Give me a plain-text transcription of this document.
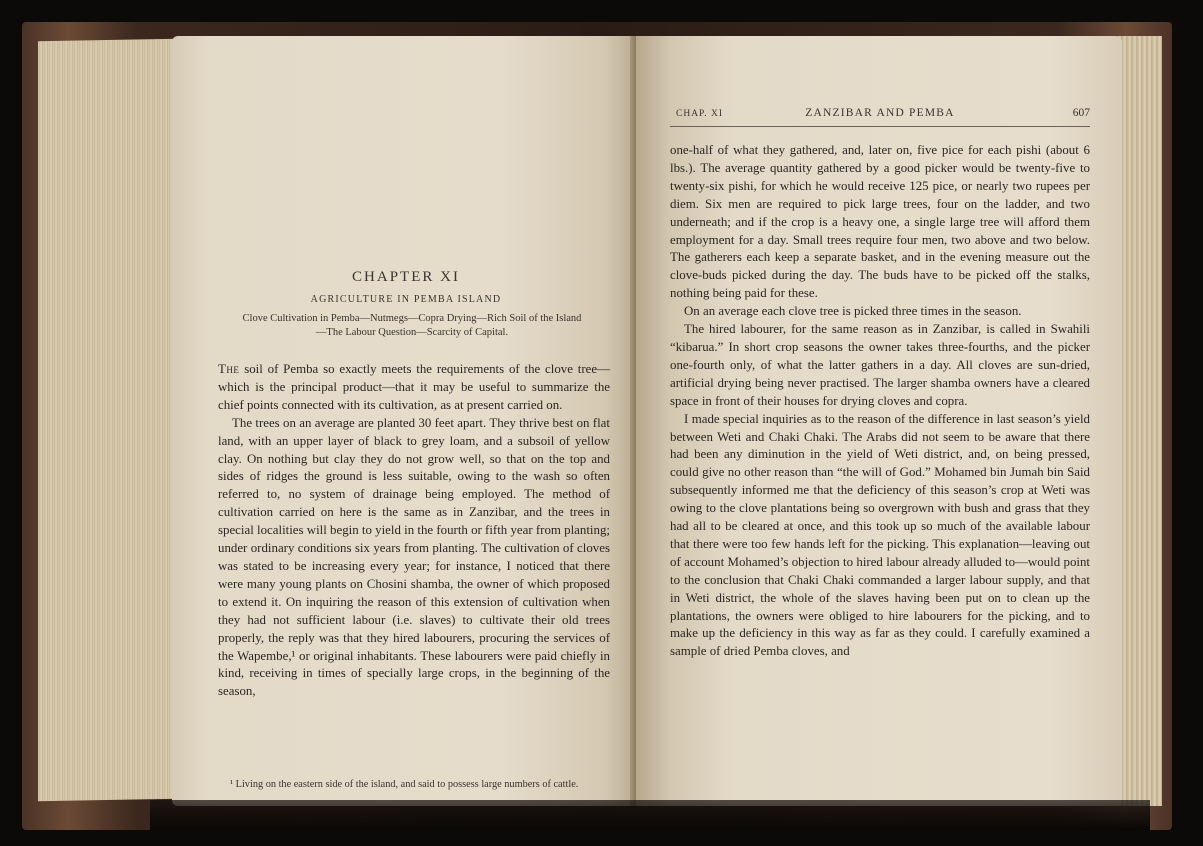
CHAPTER XI
AGRICULTURE IN PEMBA ISLAND
Clove Cultivation in Pemba—Nutmegs—Copra Drying—Rich Soil of the Island—The Labour Question—Scarcity of Capital.

The soil of Pemba so exactly meets the requirements of the clove tree—which is the principal product—that it may be useful to summarize the chief points connected with its cultivation, as at present carried on.

The trees on an average are planted 30 feet apart. They thrive best on flat land, with an upper layer of black to grey loam, and a subsoil of yellow clay. On nothing but clay they do not grow well, so that on the top and sides of ridges the ground is less suitable, owing to the wash so often referred to, no system of drainage being employed. The method of cultivation carried on here is the same as in Zanzibar, and the trees in special localities will begin to yield in the fourth or fifth year from planting; under ordinary conditions six years from planting. The cultivation of cloves was stated to be increasing every year; for instance, I noticed that there were many young plants on Chosini shamba, the owner of which proposed to extend it. On inquiring the reason of this extension of cultivation when they had not sufficient labour (i.e. slaves) to cultivate their old trees properly, the reply was that they hired labourers, procuring the services of the Wapembe,¹ or original inhabitants. These labourers were paid chiefly in kind, receiving in times of specially large crops, in the beginning of the season,

¹ Living on the eastern side of the island, and said to possess large numbers of cattle.
CHAP. XI	ZANZIBAR AND PEMBA	607

one-half of what they gathered, and, later on, five pice for each pishi (about 6 lbs.). The average quantity gathered by a good picker would be twenty-five to twenty-six pishi, for which he would receive 125 pice, or nearly two rupees per diem. Six men are required to pick large trees, four on the ladder, and two underneath; and if the crop is a heavy one, a single large tree will afford them employment for a day. Small trees require four men, two above and two below. The gatherers each keep a separate basket, and in the evening measure out the clove-buds picked during the day. The buds have to be picked off the stalks, nothing being paid for these.

On an average each clove tree is picked three times in the season.

The hired labourer, for the same reason as in Zanzibar, is called in Swahili “kibarua.” In short crop seasons the owner takes three-fourths, and the picker one-fourth only, of what the latter gathers in a day. All cloves are sun-dried, artificial drying being never practised. The larger shamba owners have a cleared space in front of their houses for drying cloves and copra.

I made special inquiries as to the reason of the difference in last season’s yield between Weti and Chaki Chaki. The Arabs did not seem to be aware that there had been any diminution in the yield of Weti district, and, on being pressed, could give no other reason than “the will of God.” Mohamed bin Jumah bin Said subsequently informed me that the deficiency of this season’s crop at Weti was owing to the clove plantations being so overgrown with bush and grass that they had all to be cleared at once, and this took up so much of the available labour that there were too few hands left for the picking. This explanation—leaving out of account Mohamed’s objection to hired labour already alluded to—would point to the conclusion that Chaki Chaki commanded a larger labour supply, and that in Weti district, the whole of the slaves having been put on to clean up the plantations, the owners were obliged to hire labourers for the picking, and to make up the deficiency in this way as far as they could. I carefully examined a sample of dried Pemba cloves, and
